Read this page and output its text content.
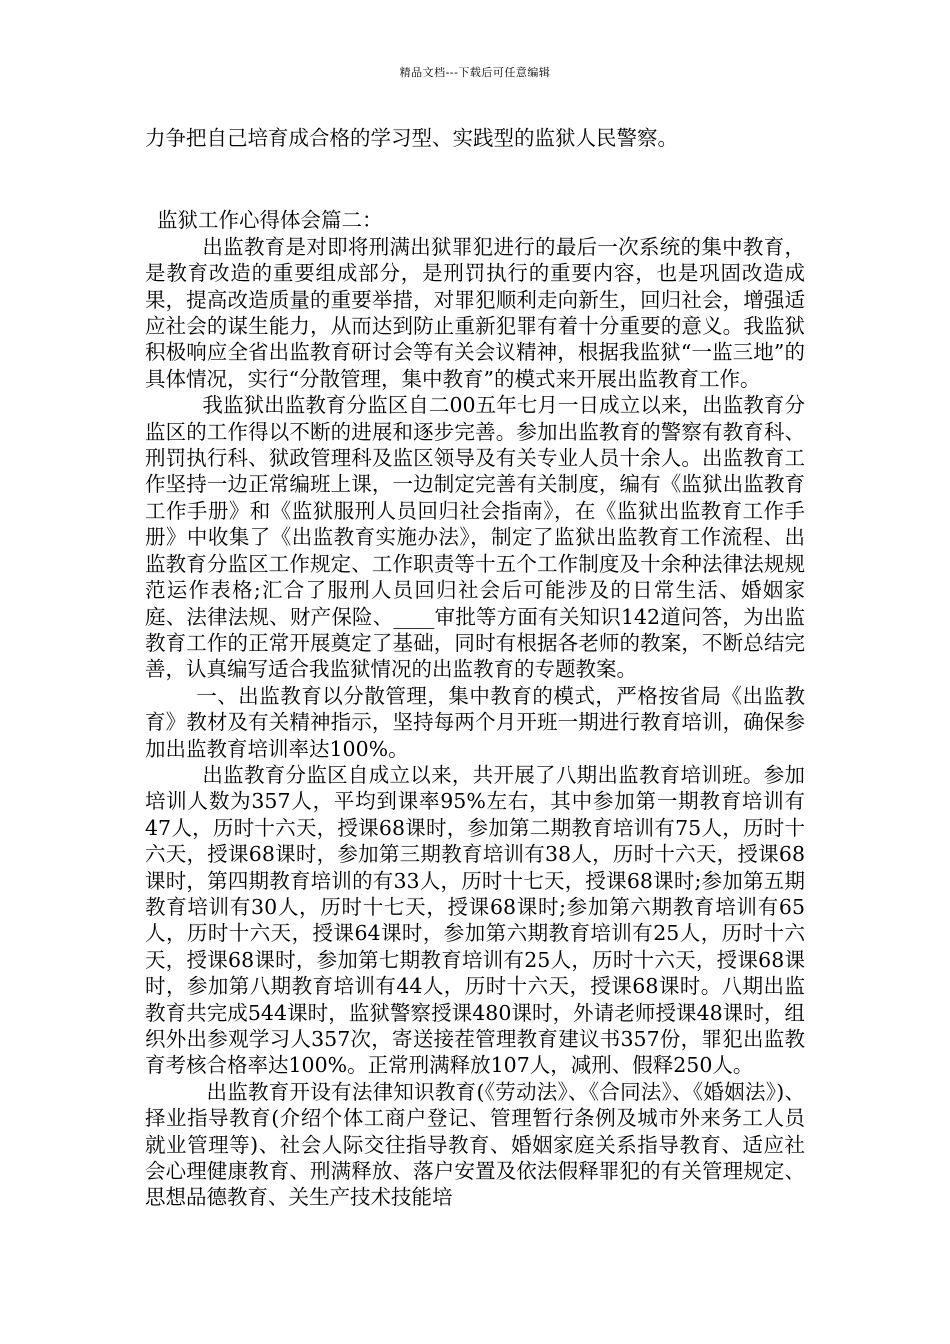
精品文档---下载后可任意编辑

力争把自己培育成合格的学习型、实践型的监狱人民警察。

监狱工作心得体会篇二：

出监教育是对即将刑满出狱罪犯进行的最后一次系统的集中教育，是教育改造的重要组成部分，是刑罚执行的重要内容，也是巩固改造成果，提高改造质量的重要举措，对罪犯顺利走向新生，回归社会，增强适应社会的谋生能力，从而达到防止重新犯罪有着十分重要的意义。我监狱积极响应全省出监教育研讨会等有关会议精神，根据我监狱“一监三地”的具体情况，实行“分散管理，集中教育”的模式来开展出监教育工作。

我监狱出监教育分监区自二00五年七月一日成立以来，出监教育分监区的工作得以不断的进展和逐步完善。参加出监教育的警察有教育科、刑罚执行科、狱政管理科及监区领导及有关专业人员十余人。出监教育工作坚持一边正常编班上课，一边制定完善有关制度，编有《监狱出监教育工作手册》和《监狱服刑人员回归社会指南》，在《监狱出监教育工作手册》中收集了《出监教育实施办法》，制定了监狱出监教育工作流程、出监教育分监区工作规定、工作职责等十五个工作制度及十余种法律法规规范运作表格;汇合了服刑人员回归社会后可能涉及的日常生活、婚姻家庭、法律法规、财产保险、____审批等方面有关知识142道问答，为出监教育工作的正常开展奠定了基础，同时有根据各老师的教案，不断总结完善，认真编写适合我监狱情况的出监教育的专题教案。

一、出监教育以分散管理，集中教育的模式，严格按省局《出监教育》教材及有关精神指示，坚持每两个月开班一期进行教育培训，确保参加出监教育培训率达100%。

出监教育分监区自成立以来，共开展了八期出监教育培训班。参加培训人数为357人，平均到课率95%左右，其中参加第一期教育培训有47人，历时十六天，授课68课时，参加第二期教育培训有75人，历时十六天，授课68课时，参加第三期教育培训有38人，历时十六天，授课68课时，第四期教育培训的有33人，历时十七天，授课68课时;参加第五期教育培训有30人，历时十七天，授课68课时;参加第六期教育培训有65人，历时十六天，授课64课时，参加第六期教育培训有25人，历时十六天，授课68课时，参加第七期教育培训有25人，历时十六天，授课68课时，参加第八期教育培训有44人，历时十六天，授课68课时。八期出监教育共完成544课时，监狱警察授课480课时，外请老师授课48课时，组织外出参观学习人357次，寄送接茬管理教育建议书357份，罪犯出监教育考核合格率达100%。正常刑满释放107人，减刑、假释250人。

出监教育开设有法律知识教育(《劳动法》、《合同法》、《婚姻法》)、择业指导教育(介绍个体工商户登记、管理暂行条例及城市外来务工人员就业管理等)、社会人际交往指导教育、婚姻家庭关系指导教育、适应社会心理健康教育、刑满释放、落户安置及依法假释罪犯的有关管理规定、思想品德教育、关生产技术技能培
